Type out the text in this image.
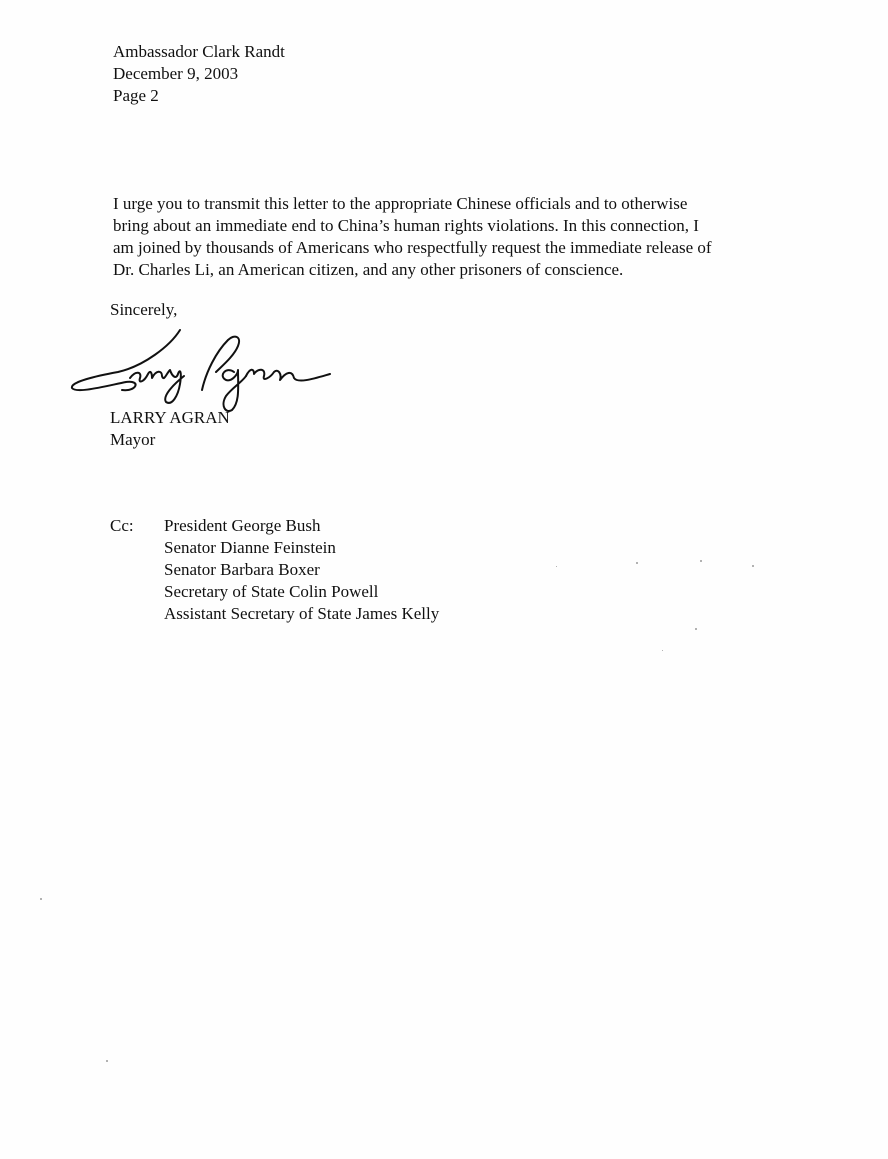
Ambassador Clark Randt
December 9, 2003
Page 2
I urge you to transmit this letter to the appropriate Chinese officials and to otherwise
bring about an immediate end to China’s human rights violations. In this connection, I
am joined by thousands of Americans who respectfully request the immediate release of
Dr. Charles Li, an American citizen, and any other prisoners of conscience.
Sincerely,
LARRY AGRAN
Mayor
Cc: President George Bush
Senator Dianne Feinstein
Senator Barbara Boxer
Secretary of State Colin Powell
Assistant Secretary of State James Kelly
